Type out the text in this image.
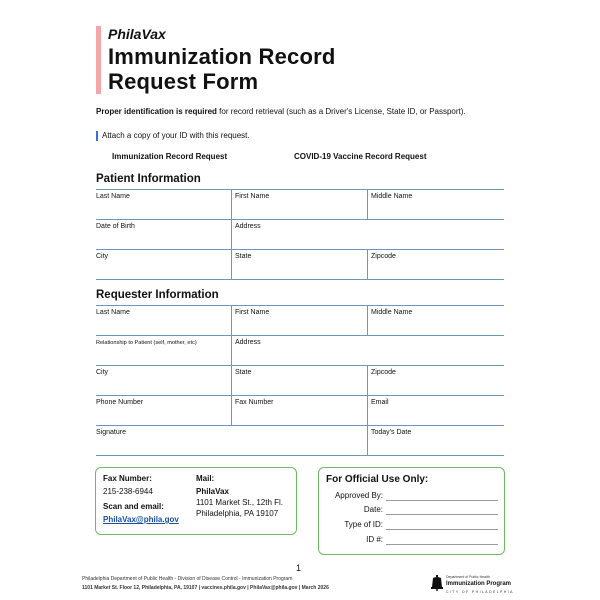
PhilaVax
Immunization Record
Request Form
Proper identification is required for record retrieval (such as a Driver's License, State ID, or Passport).
Attach a copy of your ID with this request.
Immunization Record Request	COVID-19 Vaccine Record Request
Patient Information
Last Name	First Name	Middle Name
Date of Birth	Address
City	State	Zipcode
Requester Information
Last Name	First Name	Middle Name
Relationship to Patient (self, mother, etc)	Address
City	State	Zipcode
Phone Number	Fax Number	Email
Signature	Today's Date
Fax Number:
215-238-6944
Scan and email:
PhilaVax@phila.gov
Mail:
PhilaVax
1101 Market St., 12th Fl.
Philadelphia, PA 19107
For Official Use Only:
Approved By:
Date:
Type of ID:
ID #:
1
Philadelphia Department of Public Health - Division of Disease Control - Immunization Program
1101 Market St. Floor 12, Philadelphia, PA, 19107 | vaccines.phila.gov | PhilaVax@phila.gov | March 2026
Department of Public Health
Immunization Program
CITY OF PHILADELPHIA
